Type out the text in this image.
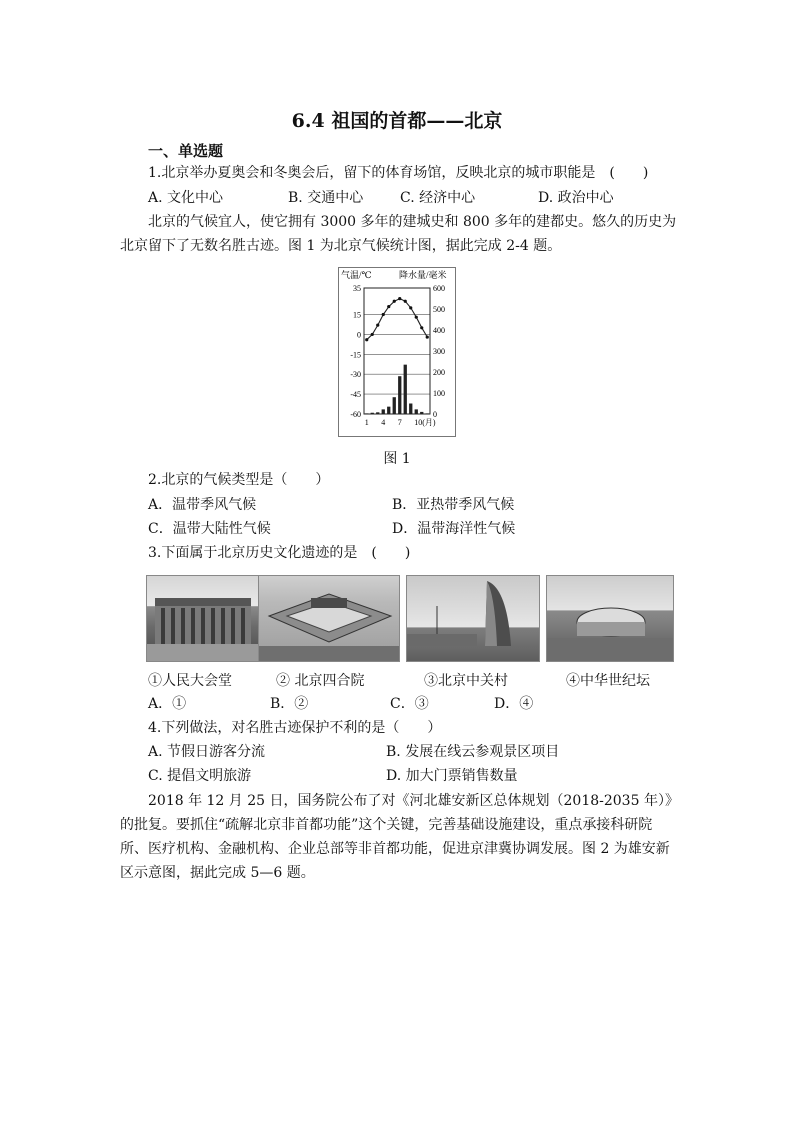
6.4 祖国的首都——北京
一、单选题
1.北京举办夏奥会和冬奥会后，留下的体育场馆，反映北京的城市职能是　(　　)
A. 文化中心	B. 交通中心	C. 经济中心	D. 政治中心
北京的气候宜人，使它拥有 3000 多年的建城史和 800 多年的建都史。悠久的历史为北京留下了无数名胜古迹。图 1 为北京气候统计图，据此完成 2-4 题。
气温/℃	降水量/毫米
35
15
0
-15
-30
-45
-60
600
500
400
300
200
100
0
1 4 7 10(月)
图 1
2.北京的气候类型是（　　）
A．温带季风气候	B．亚热带季风气候
C．温带大陆性气候	D．温带海洋性气候
3.下面属于北京历史文化遗迹的是　(　　)
①人民大会堂	② 北京四合院	③北京中关村	④中华世纪坛
A．①	B．②	C．③	D．④
4.下列做法，对名胜古迹保护不利的是（　　）
A. 节假日游客分流	B. 发展在线云参观景区项目
C. 提倡文明旅游	D. 加大门票销售数量
2018 年 12 月 25 日，国务院公布了对《河北雄安新区总体规划（2018-2035 年）》的批复。要抓住“疏解北京非首都功能”这个关键，完善基础设施建设，重点承接科研院所、医疗机构、金融机构、企业总部等非首都功能，促进京津冀协调发展。图 2 为雄安新区示意图，据此完成 5—6 题。
